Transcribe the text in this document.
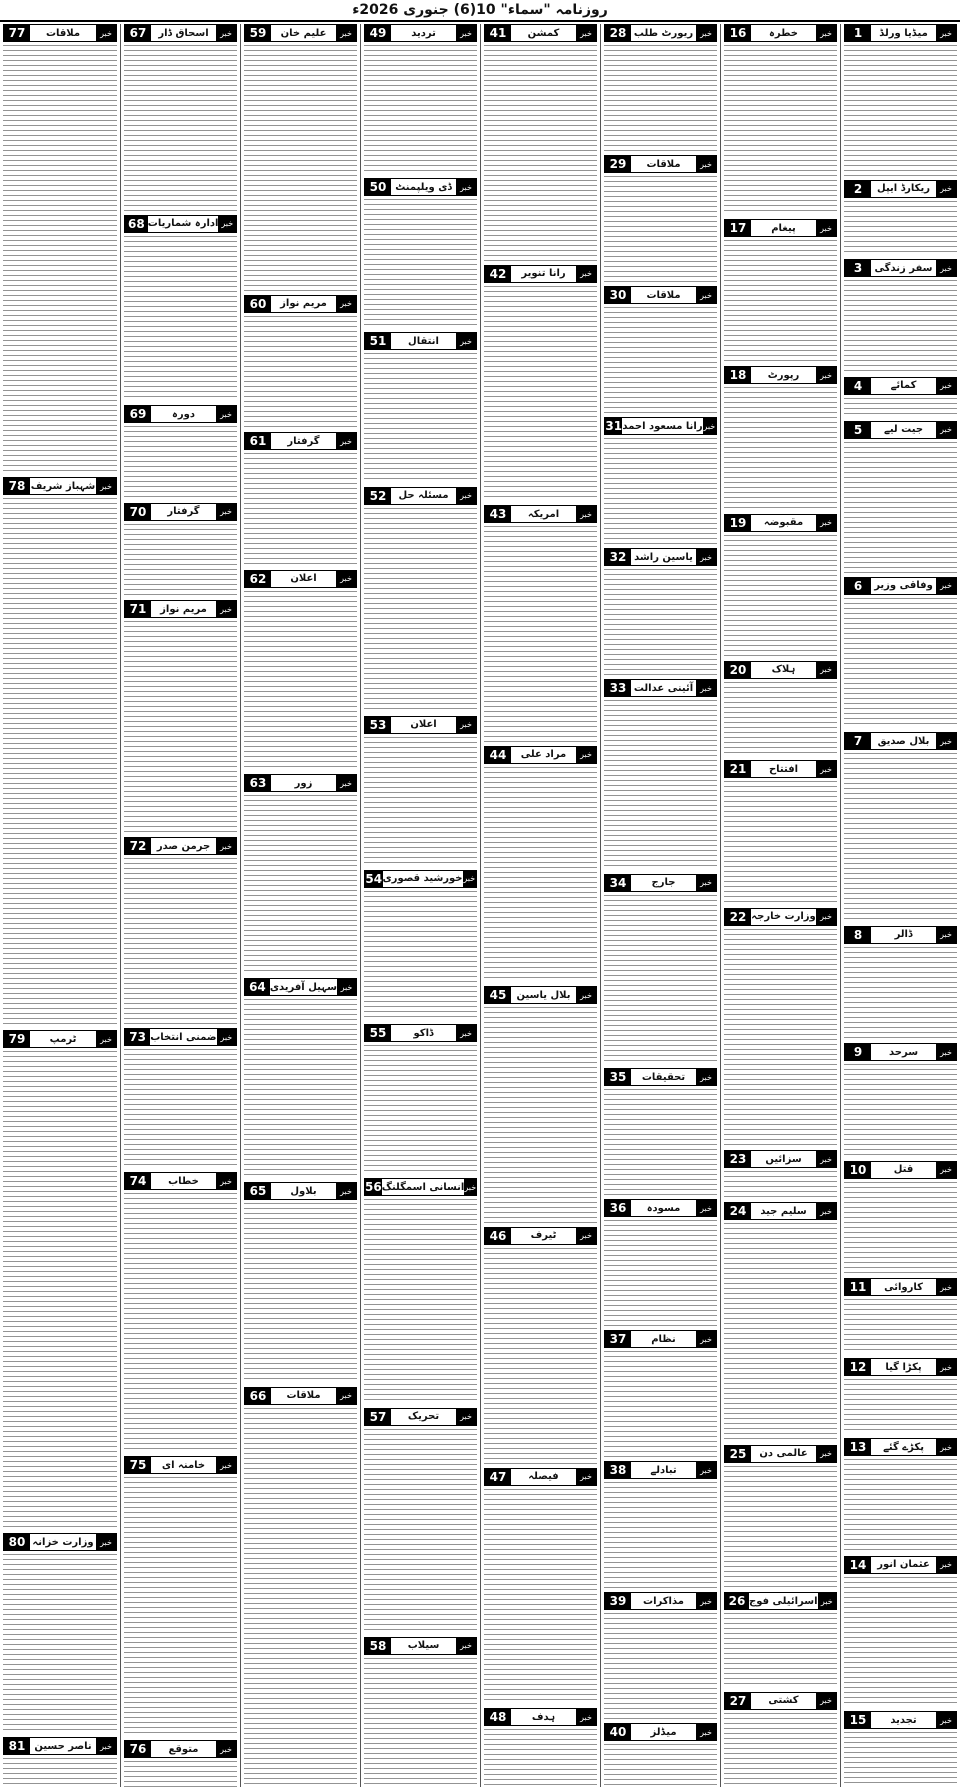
روزنامہ "سماء" 10(6) جنوری 2026ء
1	میڈیا ورلڈ	خبر
2	ریکارڈ ایپل	خبر
3	سفر زندگی خبر
4	کمائے	خبر
5	جیت لیے	خبر
6	وفاقی وزیر خبر
7	بلال صدیق	خبر
8	ڈالر	خبر
9	سرحد	خبر
10	قتل	خبر
11	کاروائی	خبر
12	پکڑا گیا	خبر
13	پکڑے گئے	خبر
14	عثمان انور	خبر
15	تجدید	خبر
16	خطرہ	خبر
17	پیغام	خبر
18	رپورٹ	خبر
19	مقبوضہ	خبر
20	ہلاک	خبر
21	افتتاح	خبر
22 وزارت خارجہ خبر
23	سزائیں	خبر
24	سلیم جید	خبر
25	عالمی دن	خبر
26 اسرائیلی فوج خبر
27	کشتی	خبر
28 ریورٹ طلب خبر
29	ملاقات	خبر
30	ملاقات	خبر
31 رانا مسعود احمد خبر
32 یاسین راشد خبر
33 آئینی عدالت خبر
34	جارج	خبر
35	تحقیقات	خبر
36	مسودہ	خبر
37	نظام	خبر
38	تبادلے	خبر
39	مذاکرات	خبر
40	میڈلز	خبر
41	کمشن	خبر
42	رانا تنویر	خبر
43	امریکہ	خبر
44	مراد علی	خبر
45	بلال یاسین	خبر
46	ٹیرف	خبر
47	فیصلہ	خبر
48	ہدف	خبر
49	تردید	خبر
50 ڈی ویلپمنٹ	خبر
51	انتقال	خبر
52	مسئلہ حل	خبر
53	اعلان	خبر
54 خورشید قصوری خبر
55	ڈاکو	خبر
56 انسانی اسمگلنگ خبر
57	تحریک	خبر
58	سیلاب	خبر
59	علیم خان	خبر
60	مریم نواز	خبر
61	گرفتار	خبر
62	اعلان	خبر
63	زور	خبر
64 سہیل آفریدی خبر
65	بلاول	خبر
66	ملاقات	خبر
67	اسحاق ڈار	خبر
68 ادارہ شماریات خبر
69	دورہ	خبر
70	گرفتار	خبر
71	مریم نواز	خبر
72	جرمن صدر	خبر
73 ضمنی انتخاب خبر
74	خطاب	خبر
75	خامنہ ای	خبر
76	متوقع	خبر
77	ملاقات	خبر
78 شہباز شریف خبر
79	ٹرمپ	خبر
80 وزارت خزانہ خبر
81 ناصر حسین	خبر
